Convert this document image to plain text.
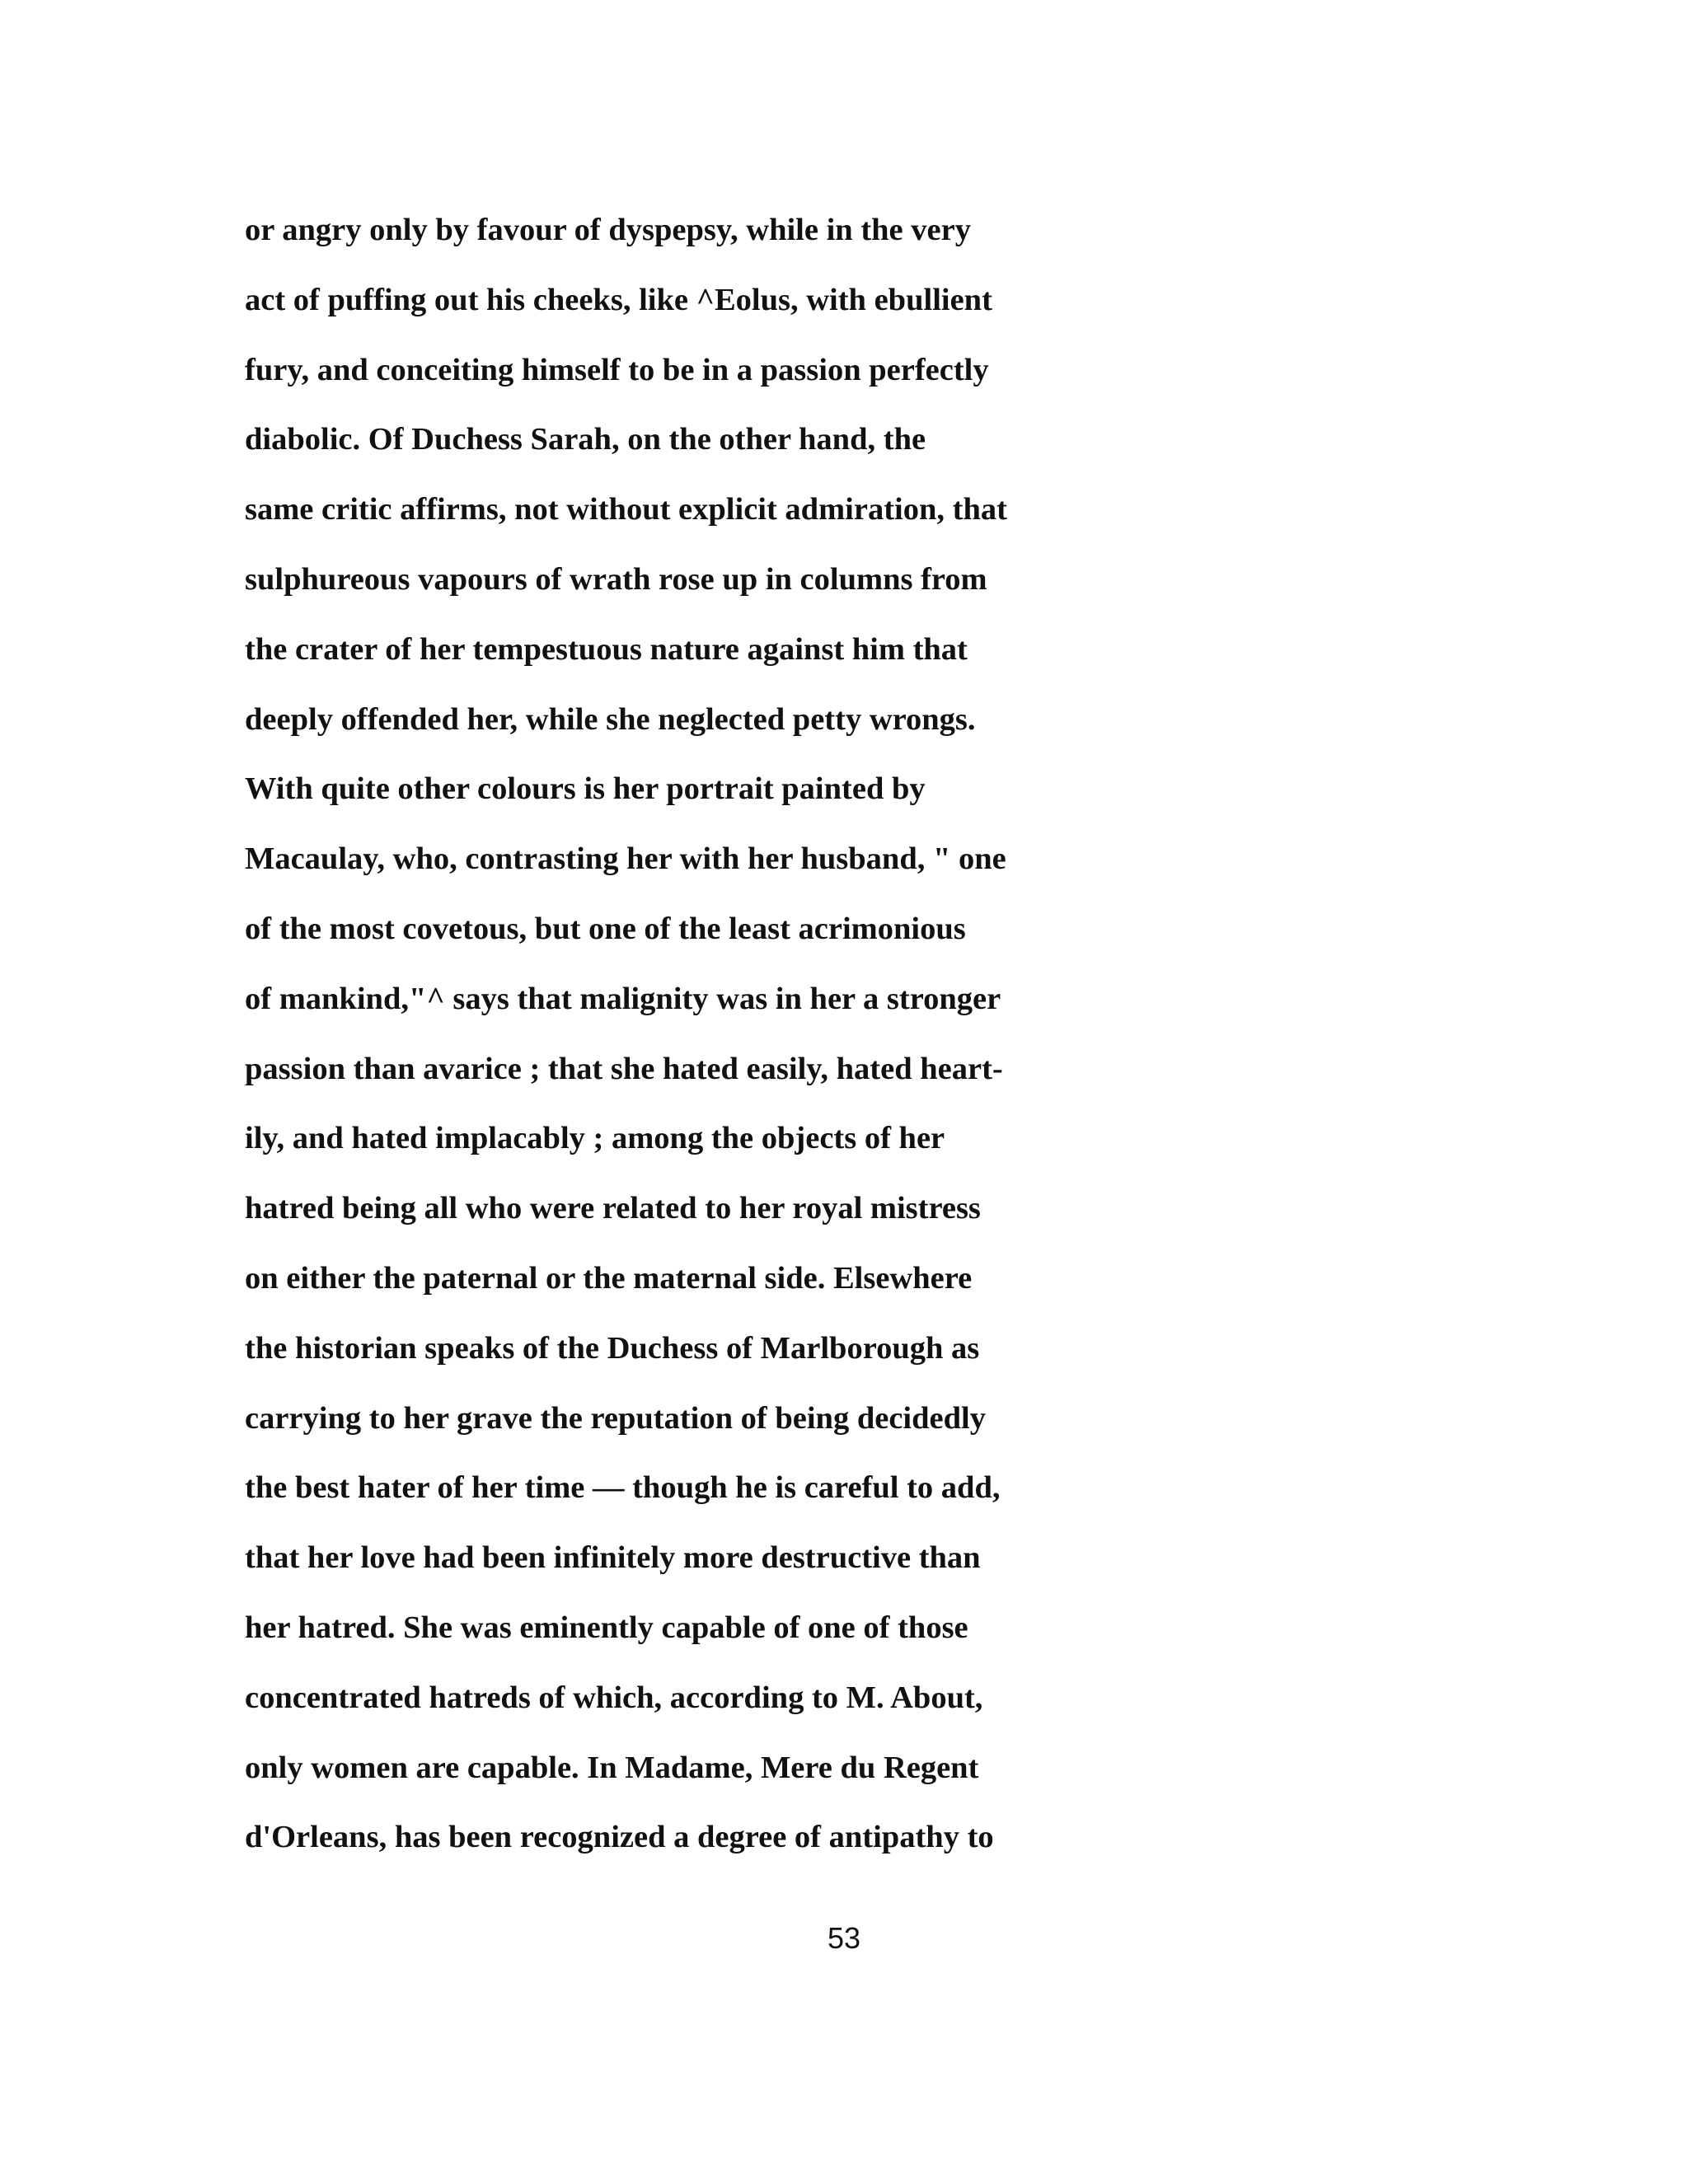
or angry only by favour of dyspepsy, while in the very

act of puffing out his cheeks, like ^Eolus, with ebullient

fury, and conceiting himself to be in a passion perfectly

diabolic. Of Duchess Sarah, on the other hand, the

same critic affirms, not without explicit admiration, that

sulphureous vapours of wrath rose up in columns from

the crater of her tempestuous nature against him that

deeply offended her, while she neglected petty wrongs.

With quite other colours is her portrait painted by

Macaulay, who, contrasting her with her husband, " one

of the most covetous, but one of the least acrimonious

of mankind,"^ says that malignity was in her a stronger

passion than avarice ; that she hated easily, hated heart-

ily, and hated implacably ; among the objects of her

hatred being all who were related to her royal mistress

on either the paternal or the maternal side. Elsewhere

the historian speaks of the Duchess of Marlborough as

carrying to her grave the reputation of being decidedly

the best hater of her time — though he is careful to add,

that her love had been infinitely more destructive than

her hatred. She was eminently capable of one of those

concentrated hatreds of which, according to M. About,

only women are capable. In Madame, Mere du Regent

d'Orleans, has been recognized a degree of antipathy to

53
